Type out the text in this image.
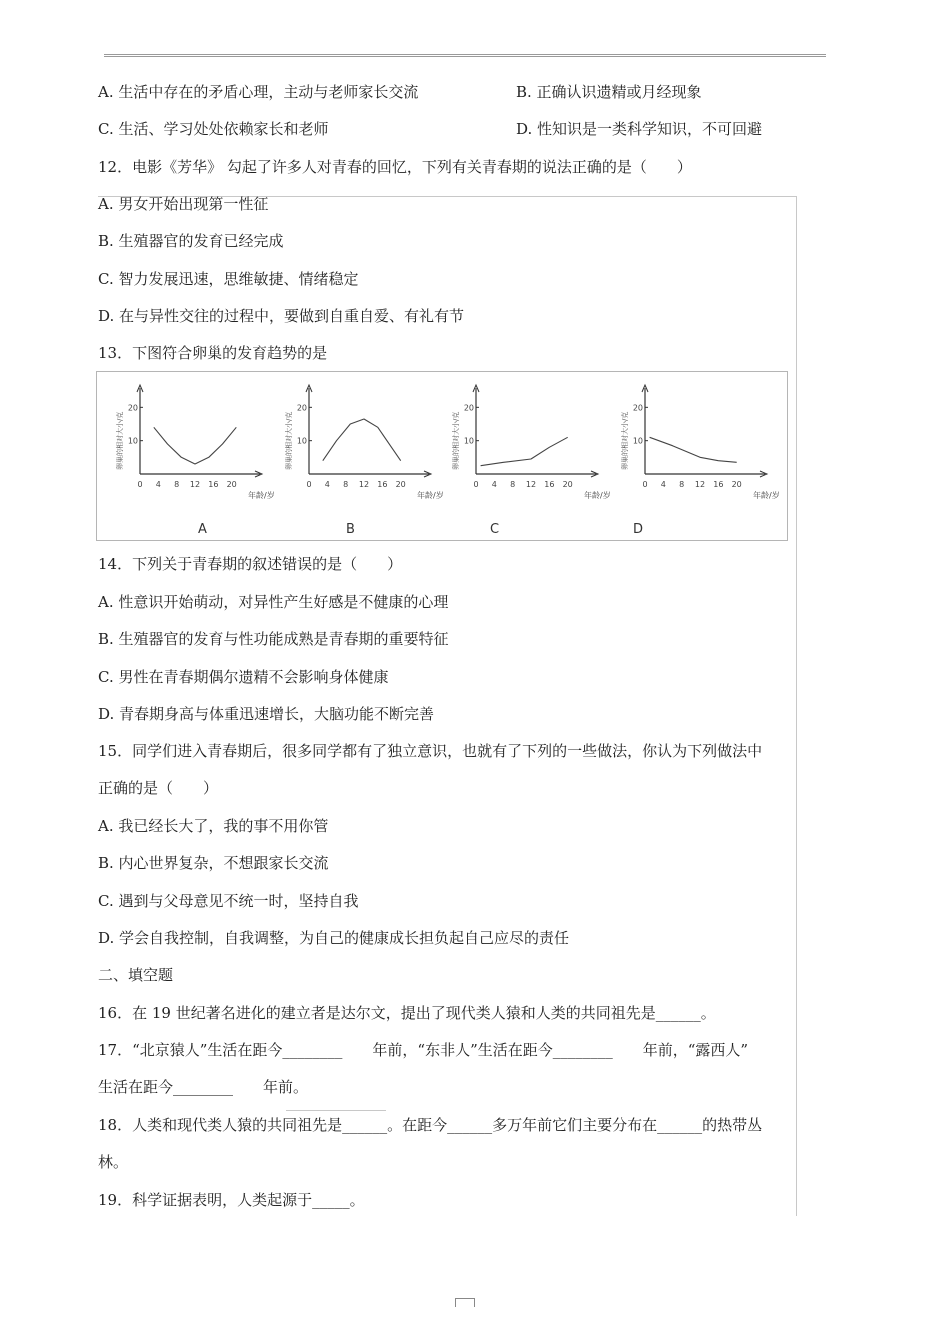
A. 生活中存在的矛盾心理，主动与老师家长交流	B. 正确认识遗精或月经现象
C. 生活、学习处处依赖家长和老师	D. 性知识是一类科学知识，不可回避
12．电影《芳华》 勾起了许多人对青春的回忆，下列有关青春期的说法正确的是（　　）
A. 男女开始出现第一性征
B. 生殖器官的发育已经完成
C. 智力发展迅速，思维敏捷、情绪稳定
D. 在与异性交往的过程中，要做到自重自爱、有礼有节
13．下图符合卵巢的发育趋势的是
0 4 8 12 16 20
10
20
年龄/岁
卵巢的相对大小/克
0 4 8 12 16 20
10
20
年龄/岁
卵巢的相对大小/克
0 4 8 12 16 20
10
20
年龄/岁
卵巢的相对大小/克
0 4 8 12 16 20
10
20
年龄/岁
卵巢的相对大小/克
A	B	C	D
14．下列关于青春期的叙述错误的是（　　）
A. 性意识开始萌动，对异性产生好感是不健康的心理
B. 生殖器官的发育与性功能成熟是青春期的重要特征
C. 男性在青春期偶尔遗精不会影响身体健康
D. 青春期身高与体重迅速增长，大脑功能不断完善
15．同学们进入青春期后，很多同学都有了独立意识，也就有了下列的一些做法，你认为下列做法中
正确的是（　　）
A. 我已经长大了，我的事不用你管
B. 内心世界复杂，不想跟家长交流
C. 遇到与父母意见不统一时，坚持自我
D. 学会自我控制，自我调整，为自己的健康成长担负起自己应尽的责任
二、填空题
16．在 19 世纪著名进化的建立者是达尔文，提出了现代类人猿和人类的共同祖先是______。
17．“北京猿人”生活在距今________　　年前，“东非人”生活在距今________　　年前，“露西人”
生活在距今________　　年前。
18．人类和现代类人猿的共同祖先是______。在距今______多万年前它们主要分布在______的热带丛
林。
19．科学证据表明，人类起源于_____。
